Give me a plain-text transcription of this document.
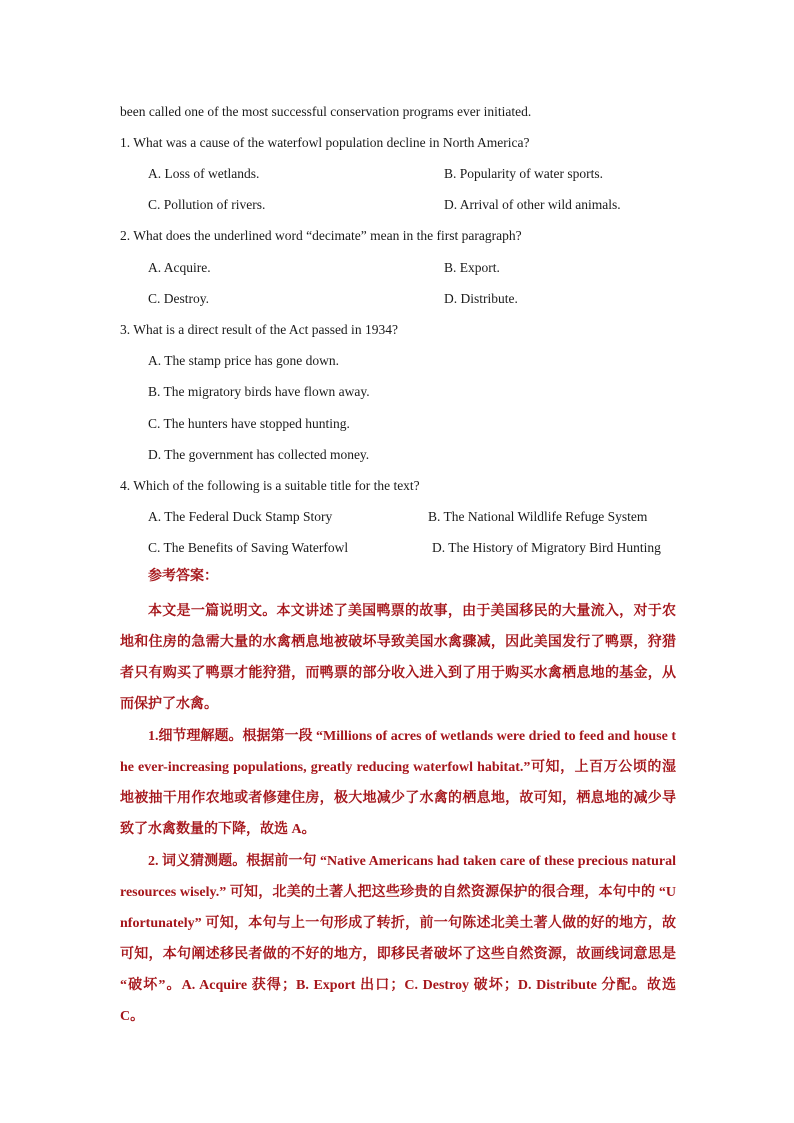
been called one of the most successful conservation programs ever initiated.
1. What was a cause of the waterfowl population decline in North America?
A. Loss of wetlands.	B. Popularity of water sports.
C. Pollution of rivers.	D. Arrival of other wild animals.
2. What does the underlined word “decimate” mean in the first paragraph?
A. Acquire.	B. Export.
C. Destroy.	D. Distribute.
3. What is a direct result of the Act passed in 1934?
A. The stamp price has gone down.
B. The migratory birds have flown away.
C. The hunters have stopped hunting.
D. The government has collected money.
4. Which of the following is a suitable title for the text?
A. The Federal Duck Stamp Story	B. The National Wildlife Refuge System
C. The Benefits of Saving Waterfowl	D. The History of Migratory Bird Hunting
参考答案：

本文是一篇说明文。本文讲述了美国鸭票的故事，由于美国移民的大量流入，对于农地和住房的急需大量的水禽栖息地被破坏导致美国水禽骤减，因此美国发行了鸭票，狩猎者只有购买了鸭票才能狩猎，而鸭票的部分收入进入到了用于购买水禽栖息地的基金，从而保护了水禽。

1.细节理解题。根据第一段 “Millions of acres of wetlands were dried to feed and house the ever-increasing populations, greatly reducing waterfowl habitat.”可知，上百万公顷的湿地被抽干用作农地或者修建住房，极大地减少了水禽的栖息地，故可知，栖息地的减少导致了水禽数量的下降，故选 A。

2. 词义猜测题。根据前一句 “Native Americans had taken care of these precious natural resources wisely.” 可知，北美的土著人把这些珍贵的自然资源保护的很合理，本句中的 “Unfortunately” 可知，本句与上一句形成了转折，前一句陈述北美土著人做的好的地方，故可知，本句阐述移民者做的不好的地方，即移民者破坏了这些自然资源，故画线词意思是 “破坏”。A. Acquire 获得；B. Export 出口；C. Destroy 破坏；D. Distribute 分配。故选 C。
